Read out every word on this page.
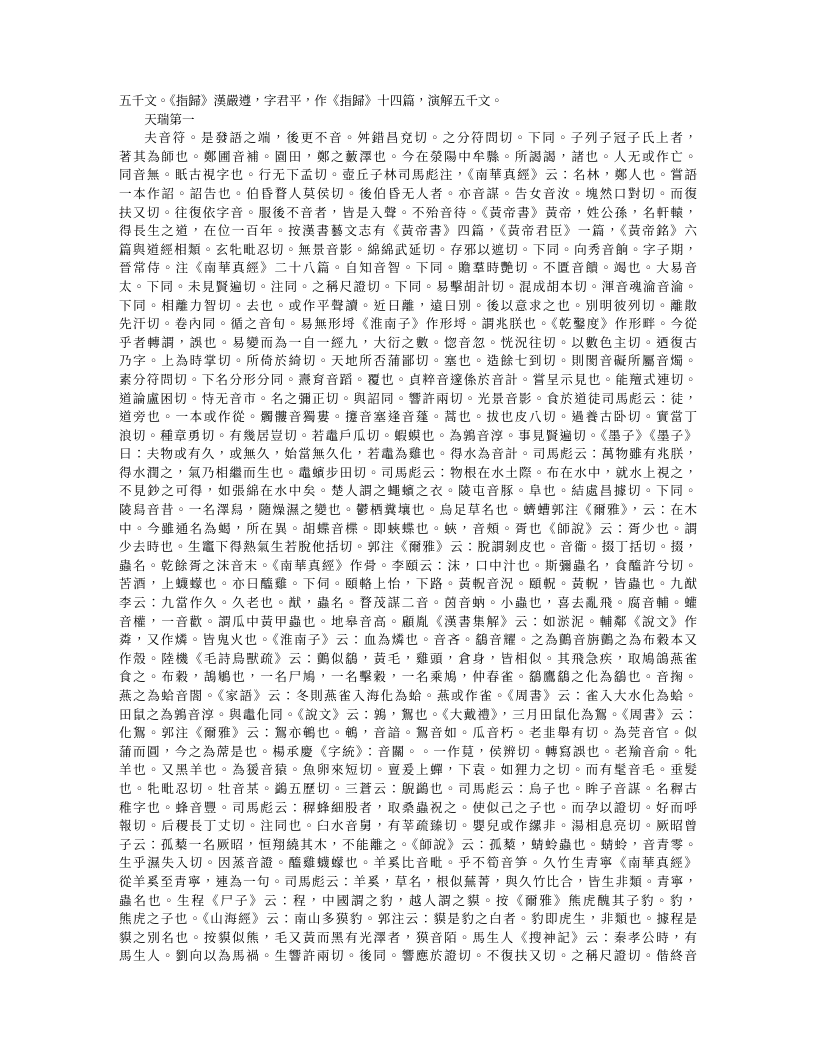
五千文。《指歸》漢嚴遵，字君平，作《指歸》十四篇，演解五千文。
天瑞第一
夫音符。是發語之端，後更不音。舛錯昌兗切。之分符問切。下同。子列子冠子氏上者，
著其為師也。鄭圃音補。園田，鄭之藪澤也。今在滎陽中牟縣。所謁謁，諸也。人无或作亡。
同音無。眂古視字也。行无下孟切。壺丘子林司馬彪注，《南華真經》云：名林，鄭人也。嘗語
一本作詔。詔告也。伯昏瞀人莫侯切。後伯昏无人者。亦音謀。告女音汝。塊然口對切。而復
扶又切。往復依字音。服後不音者，皆是入聲。不殆音待。《黃帝書》黃帝，姓公孫，名軒轅，
得長生之道，在位一百年。按漢書藝文志有《黃帝書》四篇，《黃帝君臣》一篇，《黃帝銘》六
篇與道經相類。玄牝毗忍切。無景音影。綿綿武延切。存邪以遮切。下同。向秀音餉。字子期，
晉常侍。注《南華真經》二十八篇。自知音智。下同。贍羣時艷切。不匱音饋。竭也。大易音
太。下同。未見賢遍切。注同。之稱尺證切。下同。易擊胡計切。混成胡本切。渾音魂淪音淪。
下同。相離力智切。去也。或作平聲讀。近曰離，遠曰別。後以意求之也。別明彼列切。離散
先汗切。卷內同。循之音旬。易無形埒《淮南子》作形埒。謂兆朕也。《乾鑿度》作形畔。今從
乎者轉謂，誤也。易變而為一自一經九，大衍之數。惚音忽。恍況往切。以數色主切。迺復古
乃字。上為時掌切。所倚於綺切。天地所否蒲鄙切。塞也。造餘七到切。則閡音礙所屬音燭。
素分符問切。下名分形分同。燾育音蹈。覆也。貞粹音邃係於音計。嘗呈示見也。能羶式連切。
道論盧困切。恃无音市。名之彌正切。與詔同。響許兩切。光景音影。食於道徒司馬彪云：徒，
道旁也。一本或作從。髑髏音獨婁。攓音塞逢音蓬。蒿也。拔也皮八切。過養古卧切。實當丁
浪切。種章勇切。有幾居豈切。若鼃戶瓜切。蝦蟆也。為鶉音淳。事見賢遍切。《墨子》《墨子》
曰：夫物或有久，或無久，始當無久化，若鼃為雞也。得水為音計。司馬彪云：萬物雖有兆朕，
得水潤之，氣乃相繼而生也。鼃蠙步田切。司馬彪云：物根在水土際。布在水中，就水上視之，
不見鈔之可得，如張綿在水中矣。楚人謂之蠅蠙之衣。陵屯音豚。阜也。結處昌據切。下同。
陵舄音昔。一名澤舄，隨燥濕之變也。鬱栖糞壤也。烏足草名也。蠐螬郭注《爾雅》，云：在木
中。今雖通名為蝎，所在異。胡蝶音楪。即蛺蝶也。蛺，音頰。胥也《師說》云：胥少也。謂
少去時也。生竈下得熱氣生若脫他括切。郭注《爾雅》云：脫謂剝皮也。音衞。掇丁括切。掇，
蟲名。乾餘胥之沫音末。《南華真經》作骨。李頤云：沫，口中汁也。斯彌蟲名，食醯許兮切。
苦酒，上蠛蠓也。亦曰醯雞。下伺。頤輅上怡，下路。黃軦音況。頤軦。黃軦，皆蟲也。九猷
李云：九當作久。久老也。猷，蟲名。瞀茂謀二音。茵音蚋。小蟲也，喜去亂飛。腐音輔。蠸
音權，一音歡。謂瓜中黃甲蟲也。地皋音高。顧胤《漢書集解》云：如淤泥。輔鄰《說文》作
粦，又作燐。皆鬼火也。《淮南子》云：血為燐也。音吝。鷂音耀。之為鸇音旃鸇之為布穀本又
作殼。陸機《毛詩鳥獸疏》云：鸇似鷂，黃毛，雞頭，倉身，皆相似。其飛急疾，取鳩鴿燕雀
食之。布穀，鴶鵴也，一名尸鳩，一名擊穀，一名乘鳩，仲春雀。鷂鷹鷂之化為鷂也。音掬。
燕之為蛤音閤。《家語》云：冬則燕雀入海化為蛤。燕或作雀。《周書》云：雀入大水化為蛤。
田鼠之為鶉音淳。與鼃化同。《說文》云：鶉，鴽也。《大戴禮》，三月田鼠化為鴽。《周書》云：
化鴽。郭注《爾雅》云：鴽亦鵪也。鵪，音諳。鴽音如。瓜音朽。老韭舉有切。為莞音官。似
蒲而圓，今之為蓆是也。楊承慶《字統》：音關。。一作莧，侯辨切。轉寫誤也。老羭音俞。牝
羊也。又黑羊也。為猨音猿。魚卵來短切。亶爰上蟬，下袁。如狸力之切。而有髦音毛。垂髮
也。牝毗忍切。牡音某。鷁五歷切。三蒼云：鶃鷁也。司馬彪云：烏子也。眸子音謀。名稺古
稚字也。蜂音豐。司馬彪云：稺蜂細股者，取桑蟲祝之。使似己之子也。而孕以證切。好而呼
報切。后稷長丁丈切。注同也。臼水音舅，有莘疏臻切。嬰兒或作縲非。湯相息亮切。厥昭曾
子云：孤蔾一名厥昭，恒翔繞其木，不能離之。《師說》云：孤蔾，蜻蛉蟲也。蜻蛉，音青零。
生乎濕失入切。因蒸音證。醯雞蠛蠓也。羊奚比音毗。乎不筍音笋。久竹生青寧《南華真經》
從羊奚至青寧，連為一句。司馬彪云：羊奚，草名，根似蕪菁，與久竹比合，皆生非類。青寧，
蟲名也。生程《尸子》云：程，中國謂之豹，越人謂之貘。按《爾雅》熊虎醜其子豹。豹，
熊虎之子也。《山海經》云：南山多獏豹。郭注云：貘是豹之白者。豹即虎生，非類也。據程是
貘之別名也。按貘似熊，毛又黃而黑有光澤者，獏音陌。馬生人《搜神記》云：秦孝公時，有
馬生人。劉向以為馬禍。生響許兩切。後同。響應於證切。不復扶又切。之稱尺證切。偕終音
